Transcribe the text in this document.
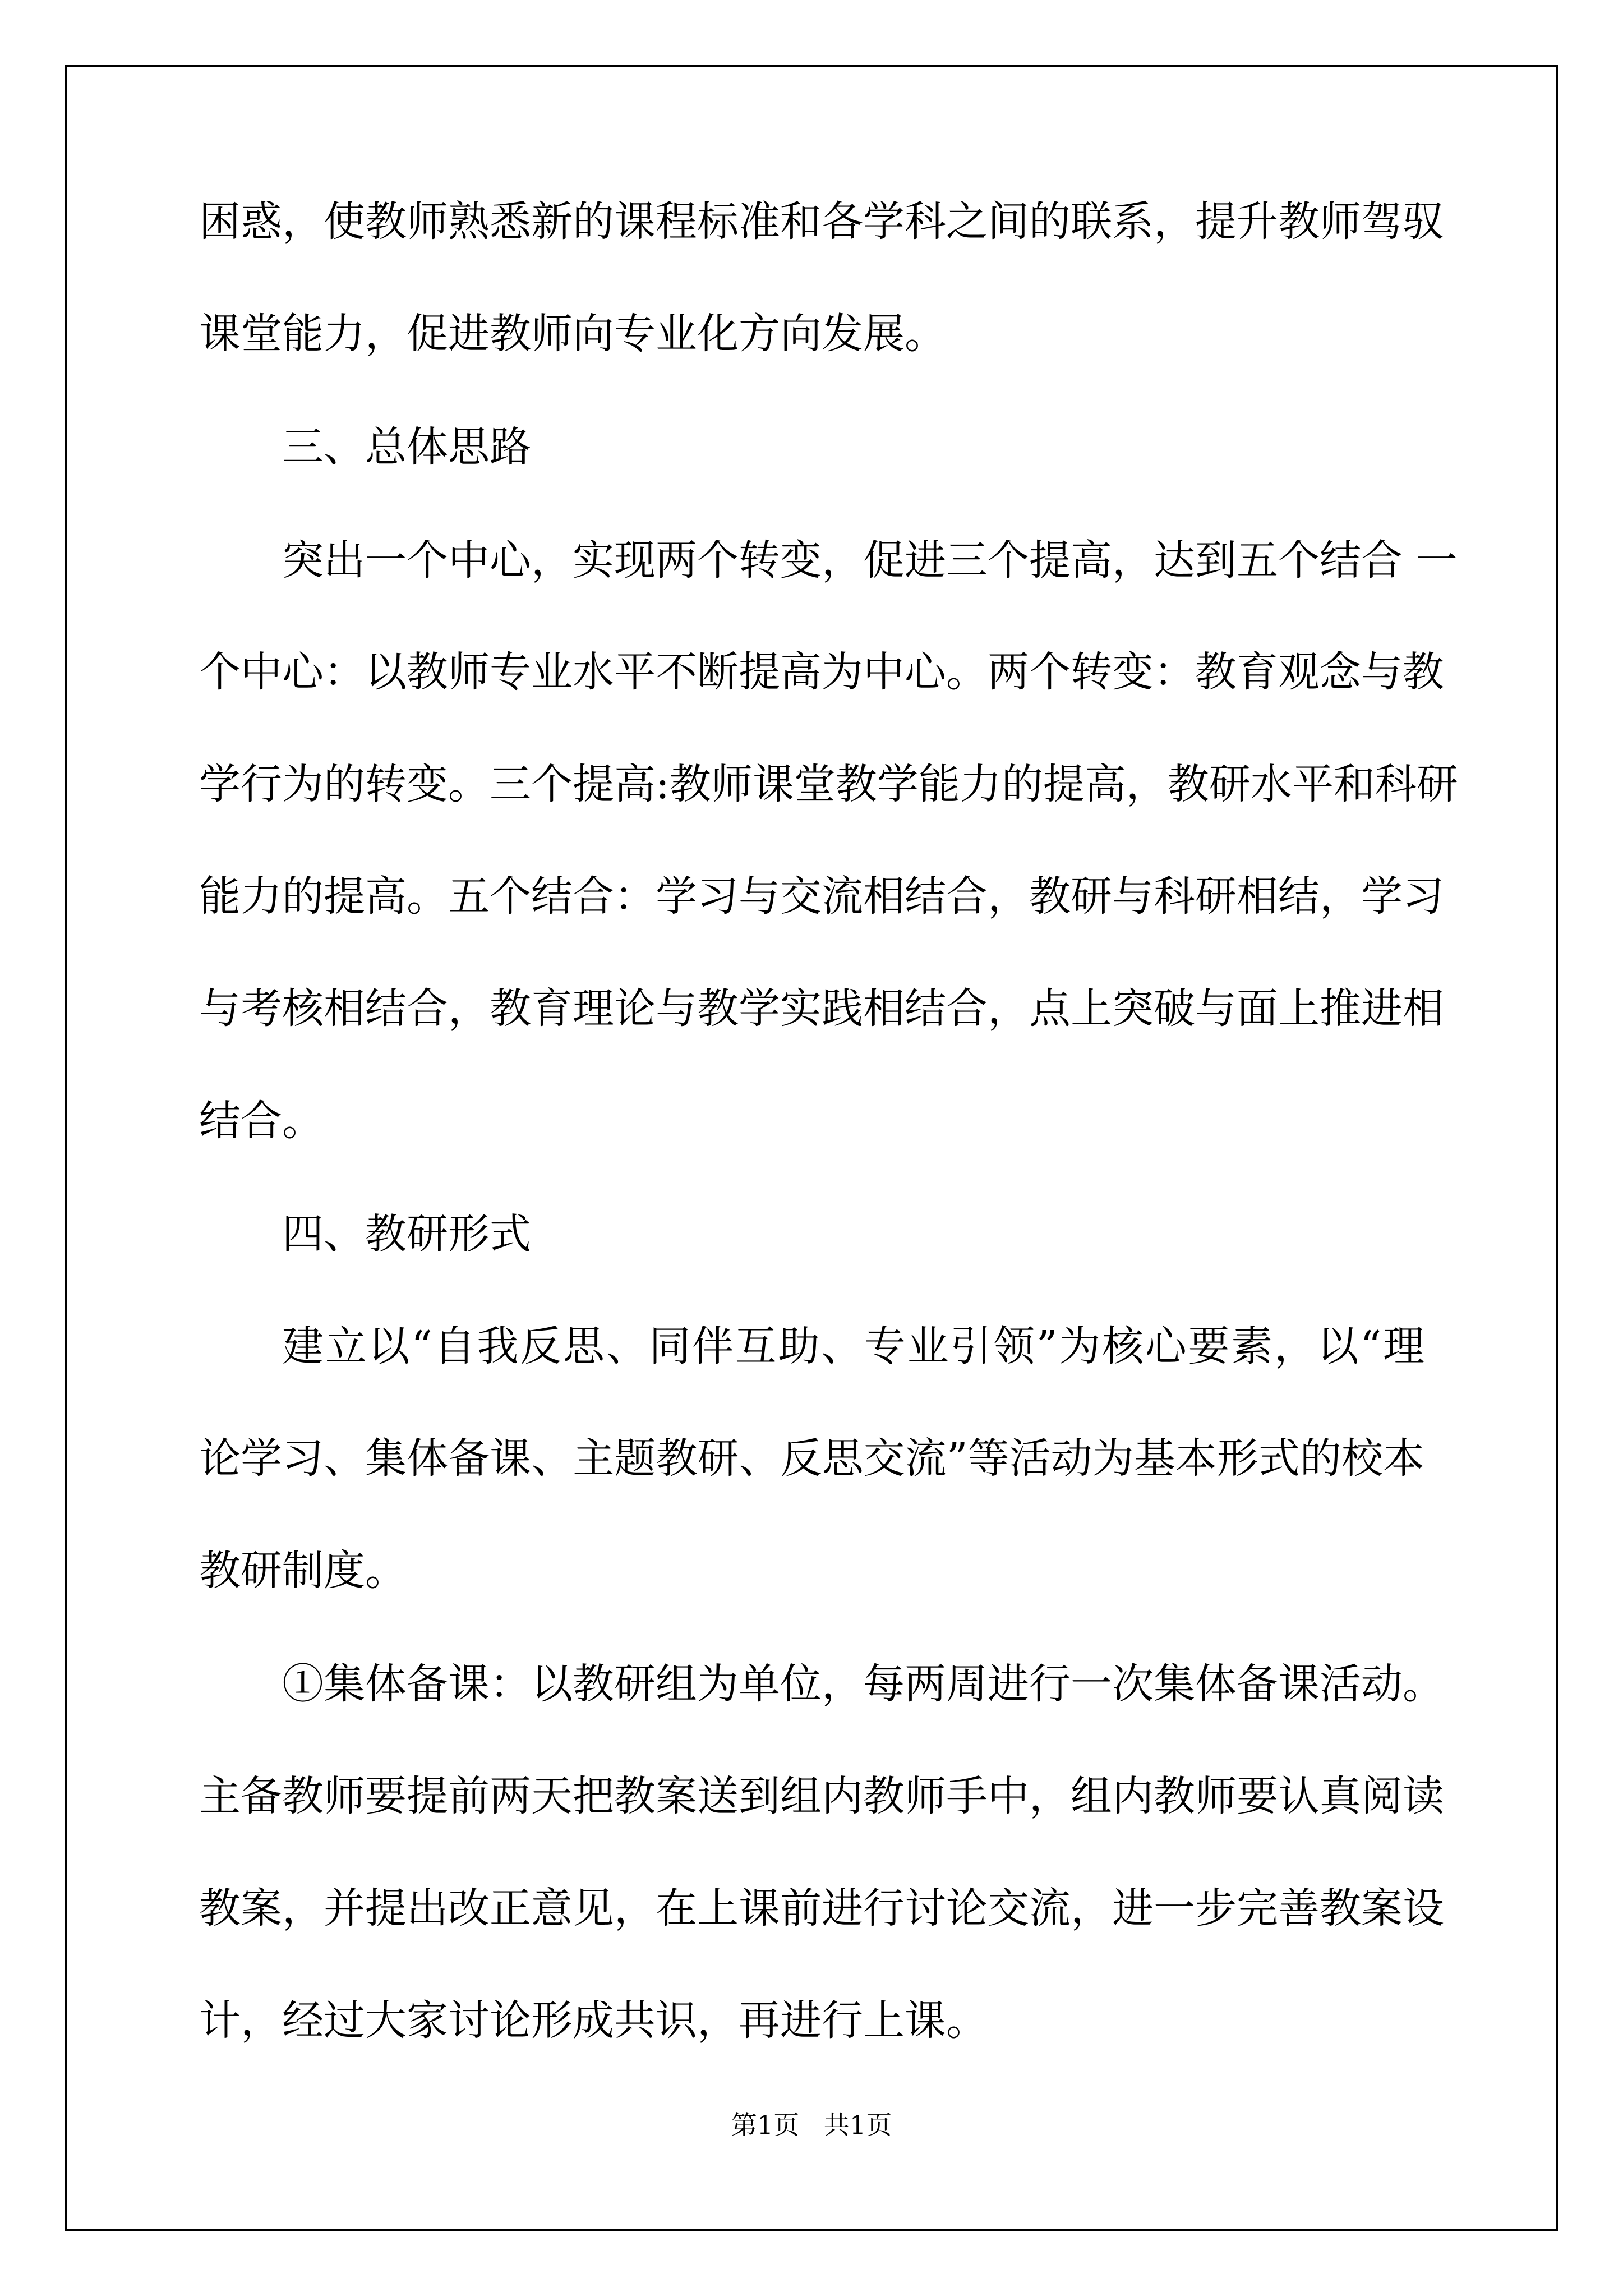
困惑，使教师熟悉新的课程标准和各学科之间的联系，提升教师驾驭
课堂能力，促进教师向专业化方向发展。
三、总体思路
突出一个中心，实现两个转变，促进三个提高，达到五个结合 一
个中心：以教师专业水平不断提高为中心。两个转变：教育观念与教
学行为的转变。三个提高:教师课堂教学能力的提高，教研水平和科研
能力的提高。五个结合：学习与交流相结合，教研与科研相结，学习
与考核相结合，教育理论与教学实践相结合，点上突破与面上推进相
结合。
四、教研形式
建立以“自我反思、同伴互助、专业引领”为核心要素，以“理
论学习、集体备课、主题教研、反思交流”等活动为基本形式的校本
教研制度。
①集体备课：以教研组为单位，每两周进行一次集体备课活动。
主备教师要提前两天把教案送到组内教师手中，组内教师要认真阅读
教案，并提出改正意见，在上课前进行讨论交流，进一步完善教案设
计，经过大家讨论形成共识，再进行上课。
第1页   共1页
